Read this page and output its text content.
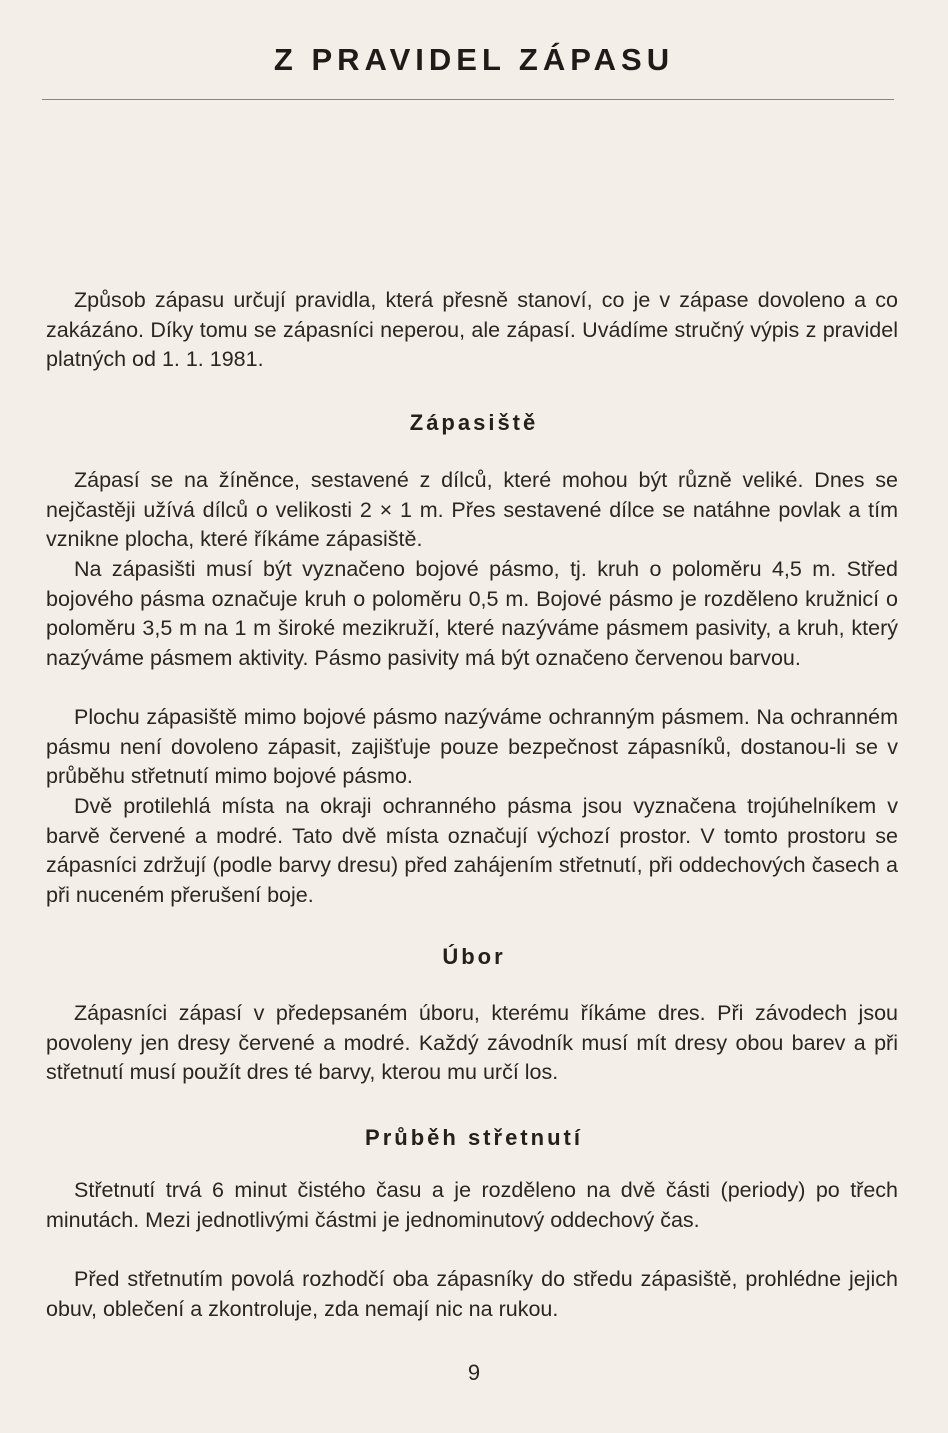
Z PRAVIDEL ZÁPASU

Způsob zápasu určují pravidla, která přesně stanoví, co je v zápase dovoleno a co zakázáno. Díky tomu se zápasníci neperou, ale zápasí. Uvádíme stručný výpis z pravidel platných od 1. 1. 1981.

Zápasiště

Zápasí se na žíněnce, sestavené z dílců, které mohou být různě veliké. Dnes se nejčastěji užívá dílců o velikosti 2 × 1 m. Přes sestavené dílce se natáhne povlak a tím vznikne plocha, které říkáme zápasiště.

Na zápasišti musí být vyznačeno bojové pásmo, tj. kruh o poloměru 4,5 m. Střed bojového pásma označuje kruh o poloměru 0,5 m. Bojové pásmo je rozděleno kružnicí o poloměru 3,5 m na 1 m široké mezikruží, které nazýváme pásmem pasivity, a kruh, který nazýváme pásmem aktivity. Pásmo pasivity má být označeno červenou barvou.

Plochu zápasiště mimo bojové pásmo nazýváme ochranným pásmem. Na ochranném pásmu není dovoleno zápasit, zajišťuje pouze bezpečnost zápasníků, dostanou-li se v průběhu střetnutí mimo bojové pásmo.

Dvě protilehlá místa na okraji ochranného pásma jsou vyznačena trojúhelníkem v barvě červené a modré. Tato dvě místa označují výchozí prostor. V tomto prostoru se zápasníci zdržují (podle barvy dresu) před zahájením střetnutí, při oddechových časech a při nuceném přerušení boje.

Úbor

Zápasníci zápasí v předepsaném úboru, kterému říkáme dres. Při závodech jsou povoleny jen dresy červené a modré. Každý závodník musí mít dresy obou barev a při střetnutí musí použít dres té barvy, kterou mu určí los.

Průběh střetnutí

Střetnutí trvá 6 minut čistého času a je rozděleno na dvě části (periody) po třech minutách. Mezi jednotlivými částmi je jednominutový oddechový čas.

Před střetnutím povolá rozhodčí oba zápasníky do středu zápasiště, prohlédne jejich obuv, oblečení a zkontroluje, zda nemají nic na rukou.

9
